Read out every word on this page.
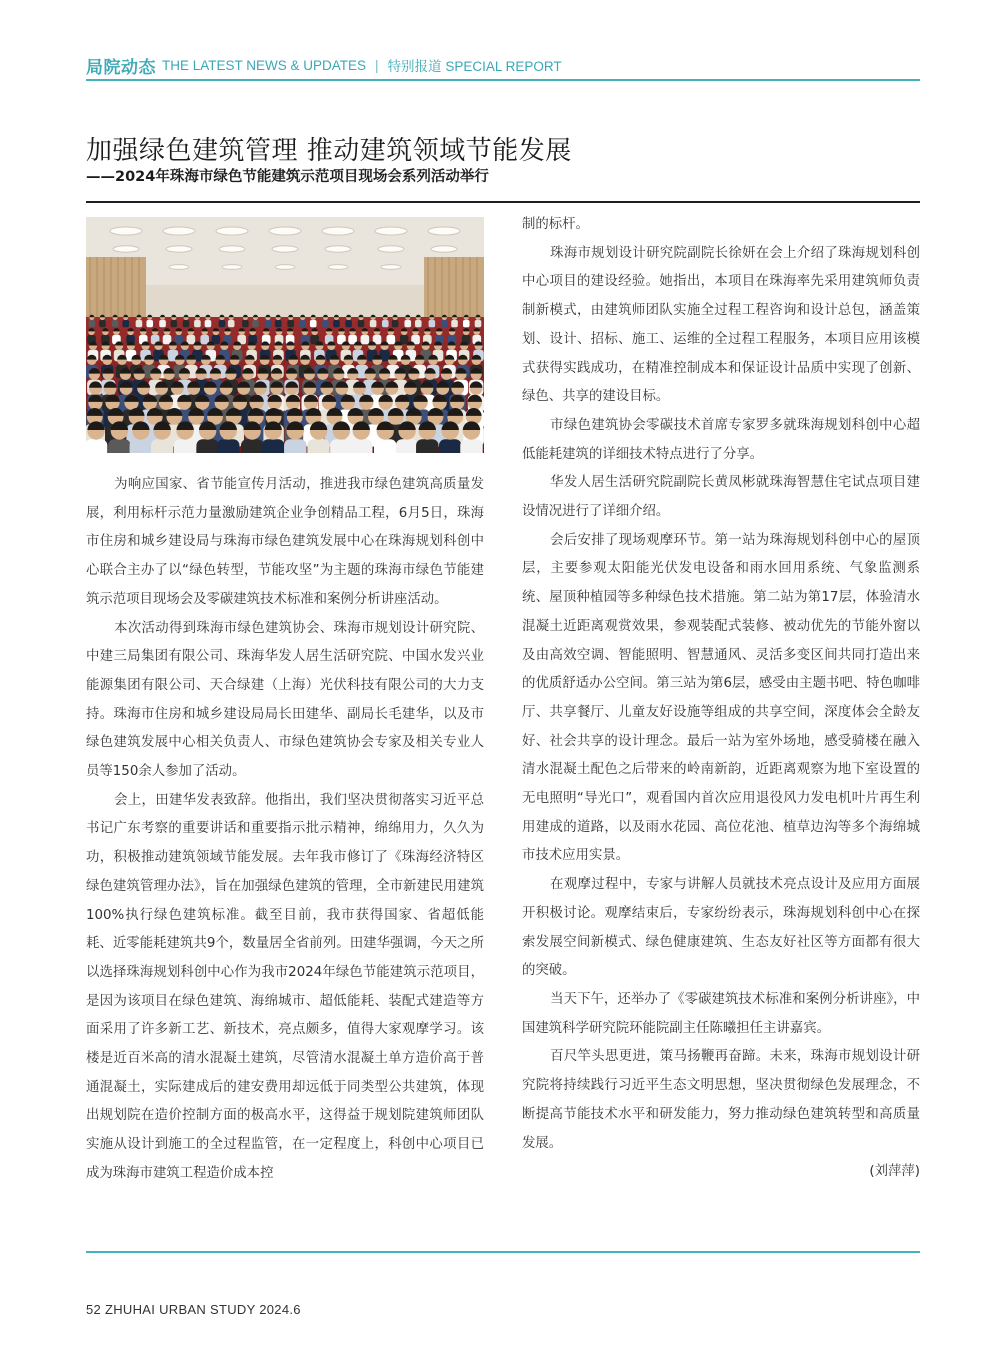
局院动态 THE LATEST NEWS & UPDATES | 特别报道 SPECIAL REPORT
加强绿色建筑管理 推动建筑领域节能发展
——2024年珠海市绿色节能建筑示范项目现场会系列活动举行

为响应国家、省节能宣传月活动，推进我市绿色建筑高质量发展，利用标杆示范力量激励建筑企业争创精品工程，6月5日，珠海市住房和城乡建设局与珠海市绿色建筑发展中心在珠海规划科创中心联合主办了以“绿色转型，节能攻坚”为主题的珠海市绿色节能建筑示范项目现场会及零碳建筑技术标准和案例分析讲座活动。

本次活动得到珠海市绿色建筑协会、珠海市规划设计研究院、中建三局集团有限公司、珠海华发人居生活研究院、中国水发兴业能源集团有限公司、天合绿建（上海）光伏科技有限公司的大力支持。珠海市住房和城乡建设局局长田建华、副局长毛建华，以及市绿色建筑发展中心相关负责人、市绿色建筑协会专家及相关专业人员等150余人参加了活动。

会上，田建华发表致辞。他指出，我们坚决贯彻落实习近平总书记广东考察的重要讲话和重要指示批示精神，绵绵用力，久久为功，积极推动建筑领域节能发展。去年我市修订了《珠海经济特区绿色建筑管理办法》，旨在加强绿色建筑的管理，全市新建民用建筑100%执行绿色建筑标准。截至目前，我市获得国家、省超低能耗、近零能耗建筑共9个，数量居全省前列。田建华强调，今天之所以选择珠海规划科创中心作为我市2024年绿色节能建筑示范项目，是因为该项目在绿色建筑、海绵城市、超低能耗、装配式建造等方面采用了许多新工艺、新技术，亮点颇多，值得大家观摩学习。该楼是近百米高的清水混凝土建筑，尽管清水混凝土单方造价高于普通混凝土，实际建成后的建安费用却远低于同类型公共建筑，体现出规划院在造价控制方面的极高水平，这得益于规划院建筑师团队实施从设计到施工的全过程监管，在一定程度上，科创中心项目已成为珠海市建筑工程造价成本控

制的标杆。

珠海市规划设计研究院副院长徐妍在会上介绍了珠海规划科创中心项目的建设经验。她指出，本项目在珠海率先采用建筑师负责制新模式，由建筑师团队实施全过程工程咨询和设计总包，涵盖策划、设计、招标、施工、运维的全过程工程服务，本项目应用该模式获得实践成功，在精准控制成本和保证设计品质中实现了创新、绿色、共享的建设目标。

市绿色建筑协会零碳技术首席专家罗多就珠海规划科创中心超低能耗建筑的详细技术特点进行了分享。

华发人居生活研究院副院长黄凤彬就珠海智慧住宅试点项目建设情况进行了详细介绍。

会后安排了现场观摩环节。第一站为珠海规划科创中心的屋顶层，主要参观太阳能光伏发电设备和雨水回用系统、气象监测系统、屋顶种植园等多种绿色技术措施。第二站为第17层，体验清水混凝土近距离观赏效果，参观装配式装修、被动优先的节能外窗以及由高效空调、智能照明、智慧通风、灵活多变区间共同打造出来的优质舒适办公空间。第三站为第6层，感受由主题书吧、特色咖啡厅、共享餐厅、儿童友好设施等组成的共享空间，深度体会全龄友好、社会共享的设计理念。最后一站为室外场地，感受骑楼在融入清水混凝土配色之后带来的岭南新韵，近距离观察为地下室设置的无电照明“导光口”，观看国内首次应用退役风力发电机叶片再生利用建成的道路，以及雨水花园、高位花池、植草边沟等多个海绵城市技术应用实景。

在观摩过程中，专家与讲解人员就技术亮点设计及应用方面展开积极讨论。观摩结束后，专家纷纷表示，珠海规划科创中心在探索发展空间新模式、绿色健康建筑、生态友好社区等方面都有很大的突破。

当天下午，还举办了《零碳建筑技术标准和案例分析讲座》，中国建筑科学研究院环能院副主任陈曦担任主讲嘉宾。

百尺竿头思更进，策马扬鞭再奋蹄。未来，珠海市规划设计研究院将持续践行习近平生态文明思想，坚决贯彻绿色发展理念，不断提高节能技术水平和研发能力，努力推动绿色建筑转型和高质量发展。

(刘萍萍)

52 ZHUHAI URBAN STUDY 2024.6
